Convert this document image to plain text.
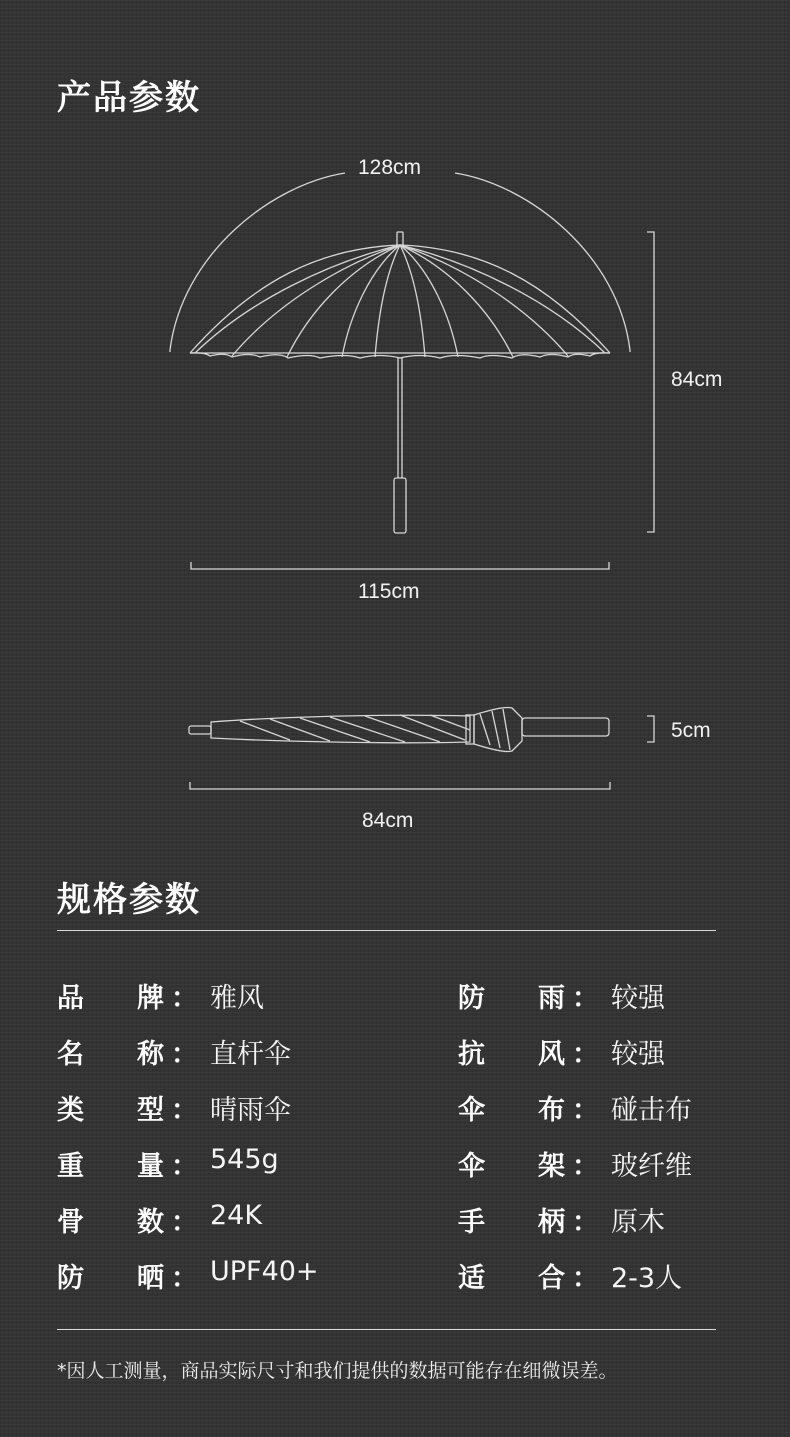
产品参数
128cm
84cm
115cm
5cm
84cm
规格参数
品 牌 ： 雅风	防 雨 ： 较强
名 称 ： 直杆伞	抗 风 ： 较强
类 型 ： 晴雨伞	伞 布 ： 碰击布
重 量 ： 545g	伞 架 ： 玻纤维
骨 数 ： 24K	手 柄 ： 原木
防 晒 ： UPF40+	适 合 ： 2-3人
*因人工测量，商品实际尺寸和我们提供的数据可能存在细微误差。
